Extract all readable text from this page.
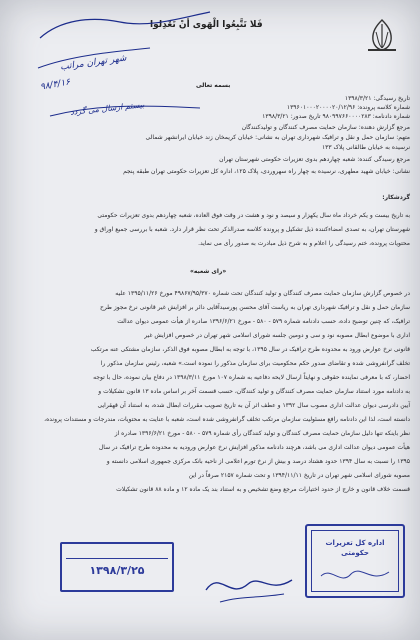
فَلا تَتَّبِعُوا الْهَوی أَنْ تَعْدِلوا
بسمه تعالی
تاریخ رسیدگی: ۱۳۹۸/۳/۲۱
شماره کلاسه پرونده: ۱۳۹۶۰۱۰۰۰۲۰۰۰۰۲۰/۱۲/۹۶
شماره دادنامه: ۹۸۰۹۹۷۶۶۰۰۰۰۲۸۳ تاریخ صدور: ۱۳۹۸/۳/۲۱
شهر تهران مراتب
۹۸/۴/۱۶
بیستم ارسال می گردد
مرجع گزارش دهنده: سازمان حمایت مصرف کنندگان و تولیدکنندگان
متهم: سازمان حمل و نقل و ترافیک شهرداری تهران به نشانی: خیابان کریمخان زند خیابان ایرانشهر شمالی
نرسیده به خیابان طالقانی پلاک ۱۳۳
مرجع رسیدگی کننده: شعبه چهاردهم بدوی تعزیرات حکومتی شهرستان تهران
نشانی: خیابان شهید مطهری، نرسیده به چهار راه سهروردی، پلاک ۱۲۵، اداره کل تعزیرات حکومتی تهران طبقه پنجم
گردشکار:
به تاریخ بیست و یکم خرداد ماه سال یکهزار و سیصد و نود و هشت در وقت فوق العاده، شعبه چهاردهم بدوی تعزیرات حکومتی
شهرستان تهران، به تصدی امضاءکننده ذیل تشکیل و پرونده کلاسه صدرالذکر تحت نظر قرار دارد. شعبه با بررسی جمیع اوراق و
محتویات پرونده، ختم رسیدگی را اعلام و به شرح ذیل مبادرت به صدور رأی می نماید.
«رای شعبه»
در خصوص گزارش سازمان حمایت مصرف کنندگان و تولید کنندگان تحت شماره ۴۹۸۶۷/۹۵/۳۷۰ مورخ ۱۳۹۵/۱۱/۲۶ علیه
سازمان حمل و نقل و ترافیک شهرداری تهران به ریاست آقای محسن پورسیدآقایی دائر بر افزایش غیر قانونی نرخ مجوز طرح
ترافیک، که چنین توضیح داده، حسب دادنامه شماره ۵۷۹ - ۵۸۰ - مورخ ۱۳۹۶/۶/۲۱ صادره از هیأت عمومی دیوان عدالت
اداری با موضوع ابطال مصوبه نود و سی و دومین جلسه شورای اسلامی شهر تهران در خصوص افزایش غیر
قانونی نرخ عوارض ورود به محدوده طرح ترافیک در سال ۱۳۹۵، با توجه به ابطال مصوبه فوق الذکر، سازمان مشتکی عنه مرتکب
تخلف گرانفروشی شده و تقاضای صدور حکم محکومیت برای سازمان مذکور را نموده است.» شعبه، رئیس سازمان مذکور را
احضار، که با معرفی نماینده حقوقی و نهایتاً ارسال لایحه دفاعیه به شماره ۱۰۷ مورخ ۱۳۹۸/۳/۱۱ در دفاع بیان نموده، حال با توجه
به دادنامه مورد استناد سازمان حمایت مصرف کنندگان و تولید کنندگان، حسب قسمت آخر بر اساس ماده ۱۳ قانون تشکیلات و
آیین دادرسی دیوان عدالت اداری مصوب سال ۱۳۹۲ و عطف اثر آن به تاریخ تصویب مقررات ابطال شده، به استناد آن قهقرایی
دانسته است، لذا این دادنامه رافع مسئولیت سازمان مرتکب تخلف گرانفروشی شده است، شعبه با عنایت به محتویات، مندرجات و مستندات پرونده،
نظر باینکه تنها دلیل سازمان حمایت مصرف کنندگان و تولید کنندگان رأی شماره ۵۷۹ - ۵۸۰ - مورخ ۱۳۹۶/۶/۲۱ صادره از
هیأت عمومی دیوان عدالت اداری می باشد، هرچند دادنامه مذکور افزایش نرخ عوارض ورودیه به محدوده طرح ترافیک در سال
۱۳۹۵ را نسبت به سال ۱۳۹۴ حدود هشتاد درصد و بیش از نرخ تورم اعلامی از ناحیه بانک مرکزی جمهوری اسلامی دانسته و
مصوبه شورای اسلامی شهر تهران در تاریخ ۱۳۹۴/۱۱/۱۱ و تحت شماره ۲۱۵۷ صرفاً در این
قسمت خلاف قانون و خارج از حدود اختیارات مرجع وضع تشخیص و به استناد بند یک ماده ۱۲ و ماده ۸۸ قانون تشکیلات
۱۳۹۸/۳/۲۵
اداره کل تعزیرات حکومتی
